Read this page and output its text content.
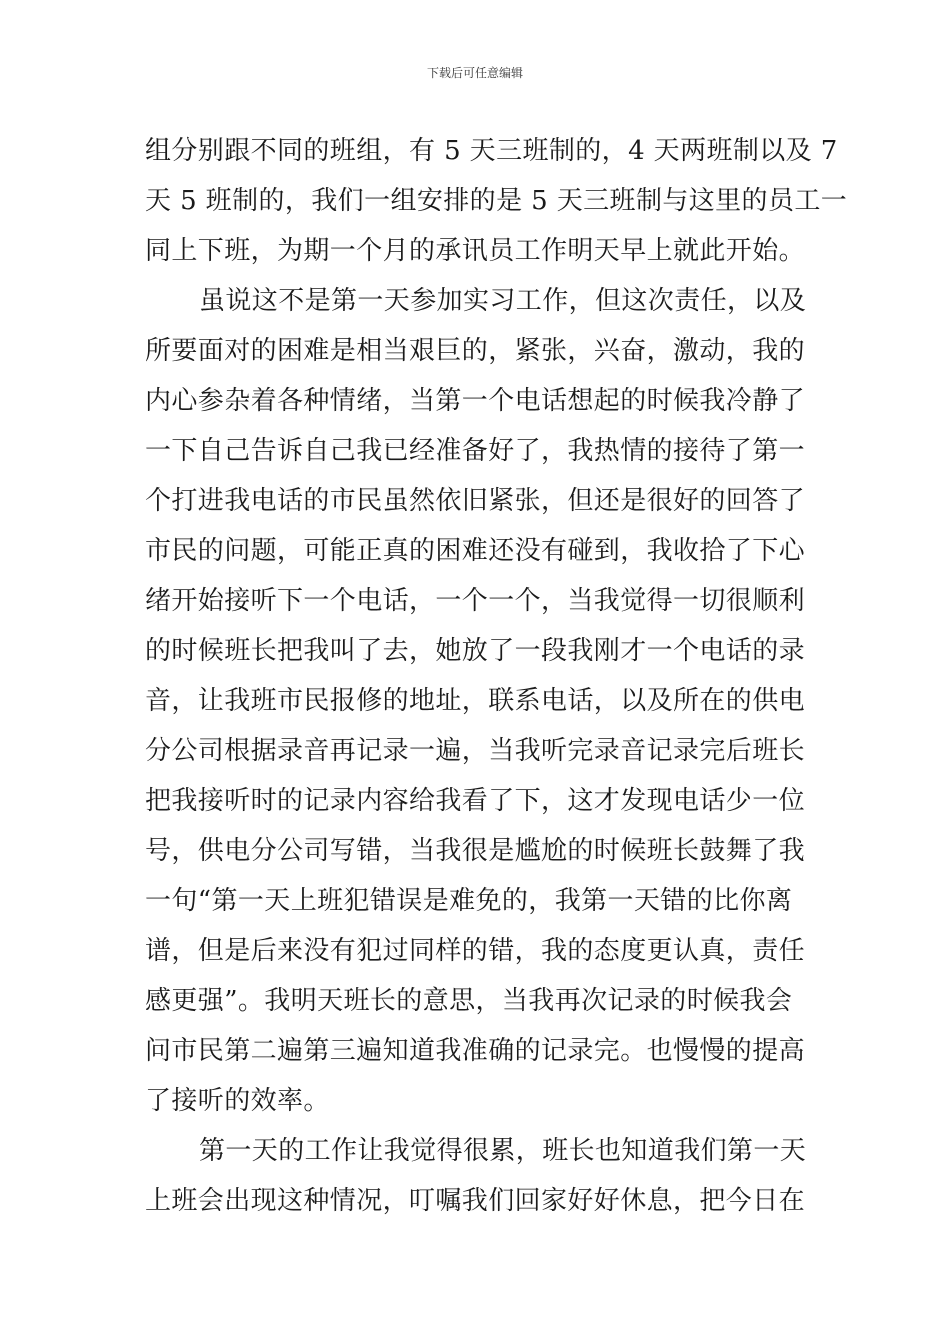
下载后可任意编辑
组分别跟不同的班组，有 5 天三班制的，4 天两班制以及 7
天 5 班制的，我们一组安排的是 5 天三班制与这里的员工一
同上下班，为期一个月的承讯员工作明天早上就此开始。
虽说这不是第一天参加实习工作，但这次责任，以及
所要面对的困难是相当艰巨的，紧张，兴奋，激动，我的
内心参杂着各种情绪，当第一个电话想起的时候我冷静了
一下自己告诉自己我已经准备好了，我热情的接待了第一
个打进我电话的市民虽然依旧紧张，但还是很好的回答了
市民的问题，可能正真的困难还没有碰到，我收拾了下心
绪开始接听下一个电话，一个一个，当我觉得一切很顺利
的时候班长把我叫了去，她放了一段我刚才一个电话的录
音，让我班市民报修的地址，联系电话，以及所在的供电
分公司根据录音再记录一遍，当我听完录音记录完后班长
把我接听时的记录内容给我看了下，这才发现电话少一位
号，供电分公司写错，当我很是尴尬的时候班长鼓舞了我
一句“第一天上班犯错误是难免的，我第一天错的比你离
谱，但是后来没有犯过同样的错，我的态度更认真，责任
感更强”。我明天班长的意思，当我再次记录的时候我会
问市民第二遍第三遍知道我准确的记录完。也慢慢的提高
了接听的效率。
第一天的工作让我觉得很累，班长也知道我们第一天
上班会出现这种情况，叮嘱我们回家好好休息，把今日在
